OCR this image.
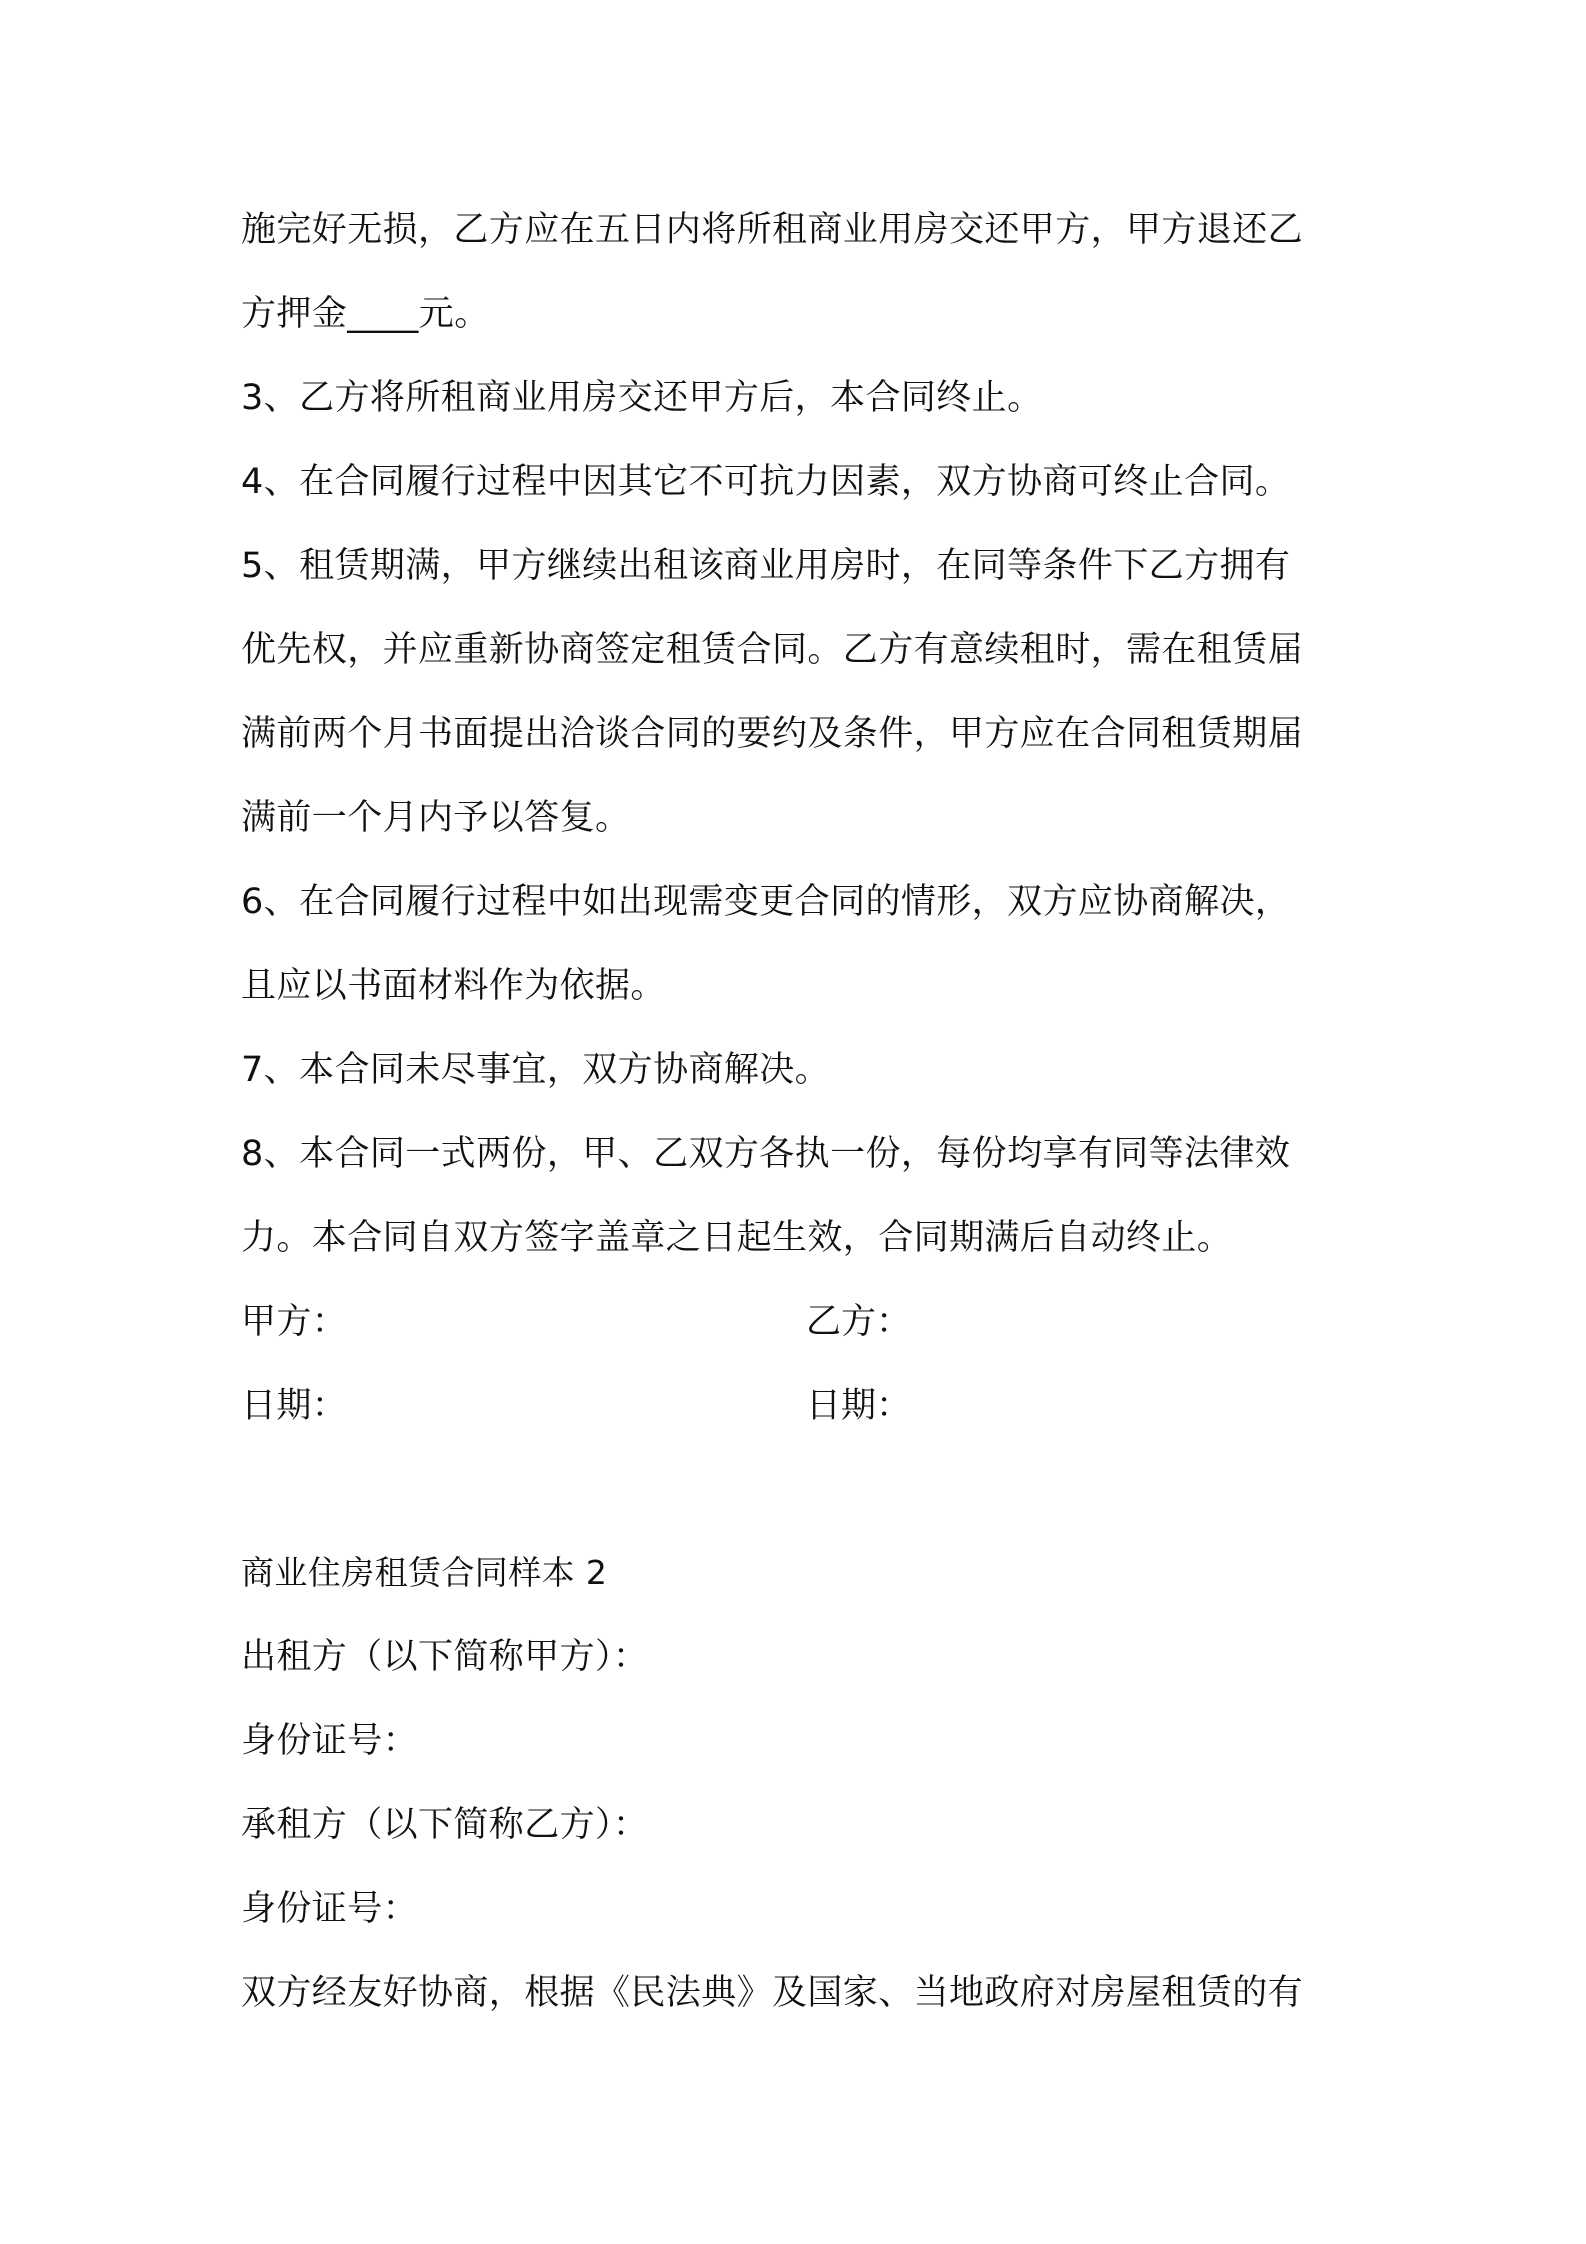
施完好无损，乙方应在五日内将所租商业用房交还甲方，甲方退还乙
方押金____元。
3、乙方将所租商业用房交还甲方后，本合同终止。
4、在合同履行过程中因其它不可抗力因素，双方协商可终止合同。
5、租赁期满，甲方继续出租该商业用房时，在同等条件下乙方拥有
优先权，并应重新协商签定租赁合同。乙方有意续租时，需在租赁届
满前两个月书面提出洽谈合同的要约及条件，甲方应在合同租赁期届
满前一个月内予以答复。
6、在合同履行过程中如出现需变更合同的情形，双方应协商解决，
且应以书面材料作为依据。
7、本合同未尽事宜，双方协商解决。
8、本合同一式两份，甲、乙双方各执一份，每份均享有同等法律效
力。本合同自双方签字盖章之日起生效，合同期满后自动终止。
甲方：	乙方：
日期：	日期：
商业住房租赁合同样本 2
出租方（以下简称甲方）：
身份证号：
承租方（以下简称乙方）：
身份证号：
双方经友好协商，根据《民法典》及国家、当地政府对房屋租赁的有
